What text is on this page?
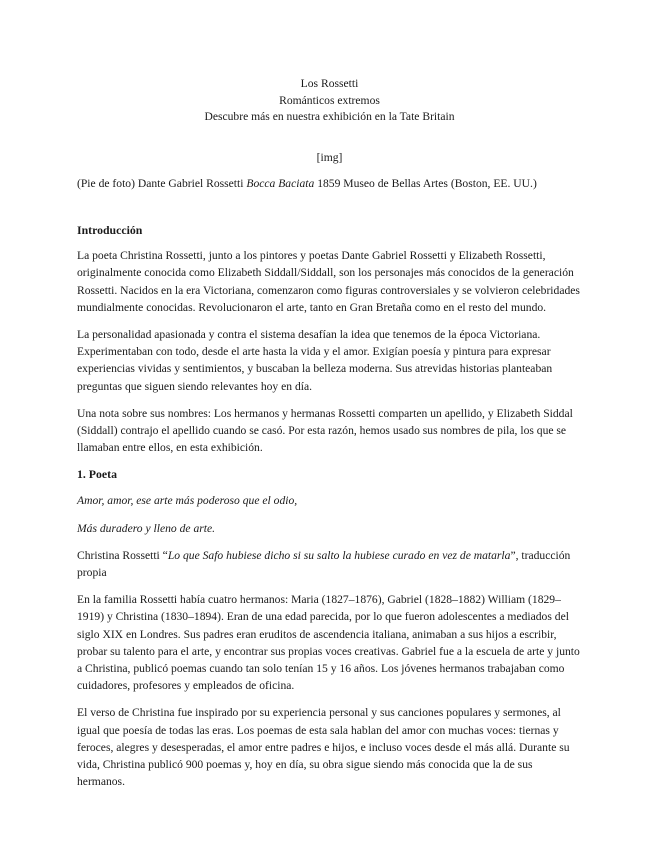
Los Rossetti
Románticos extremos
Descubre más en nuestra exhibición en la Tate Britain
[img]
(Pie de foto) Dante Gabriel Rossetti Bocca Baciata 1859 Museo de Bellas Artes (Boston, EE. UU.)
Introducción

La poeta Christina Rossetti, junto a los pintores y poetas Dante Gabriel Rossetti y Elizabeth Rossetti, originalmente conocida como Elizabeth Siddall/Siddall, son los personajes más conocidos de la generación Rossetti. Nacidos en la era Victoriana, comenzaron como figuras controversiales y se volvieron celebridades mundialmente conocidas. Revolucionaron el arte, tanto en Gran Bretaña como en el resto del mundo.

La personalidad apasionada y contra el sistema desafían la idea que tenemos de la época Victoriana. Experimentaban con todo, desde el arte hasta la vida y el amor. Exigían poesía y pintura para expresar experiencias vividas y sentimientos, y buscaban la belleza moderna. Sus atrevidas historias planteaban preguntas que siguen siendo relevantes hoy en día.

Una nota sobre sus nombres: Los hermanos y hermanas Rossetti comparten un apellido, y Elizabeth Siddal (Siddall) contrajo el apellido cuando se casó. Por esta razón, hemos usado sus nombres de pila, los que se llamaban entre ellos, en esta exhibición.

1. Poeta

Amor, amor, ese arte más poderoso que el odio,

Más duradero y lleno de arte.

Christina Rossetti “Lo que Safo hubiese dicho si su salto la hubiese curado en vez de matarla”, traducción propia

En la familia Rossetti había cuatro hermanos: Maria (1827–1876), Gabriel (1828–1882) William (1829–1919) y Christina (1830–1894). Eran de una edad parecida, por lo que fueron adolescentes a mediados del siglo XIX en Londres. Sus padres eran eruditos de ascendencia italiana, animaban a sus hijos a escribir, probar su talento para el arte, y encontrar sus propias voces creativas. Gabriel fue a la escuela de arte y junto a Christina, publicó poemas cuando tan solo tenían 15 y 16 años. Los jóvenes hermanos trabajaban como cuidadores, profesores y empleados de oficina.

El verso de Christina fue inspirado por su experiencia personal y sus canciones populares y sermones, al igual que poesía de todas las eras. Los poemas de esta sala hablan del amor con muchas voces: tiernas y feroces, alegres y desesperadas, el amor entre padres e hijos, e incluso voces desde el más allá. Durante su vida, Christina publicó 900 poemas y, hoy en día, su obra sigue siendo más conocida que la de sus hermanos.
